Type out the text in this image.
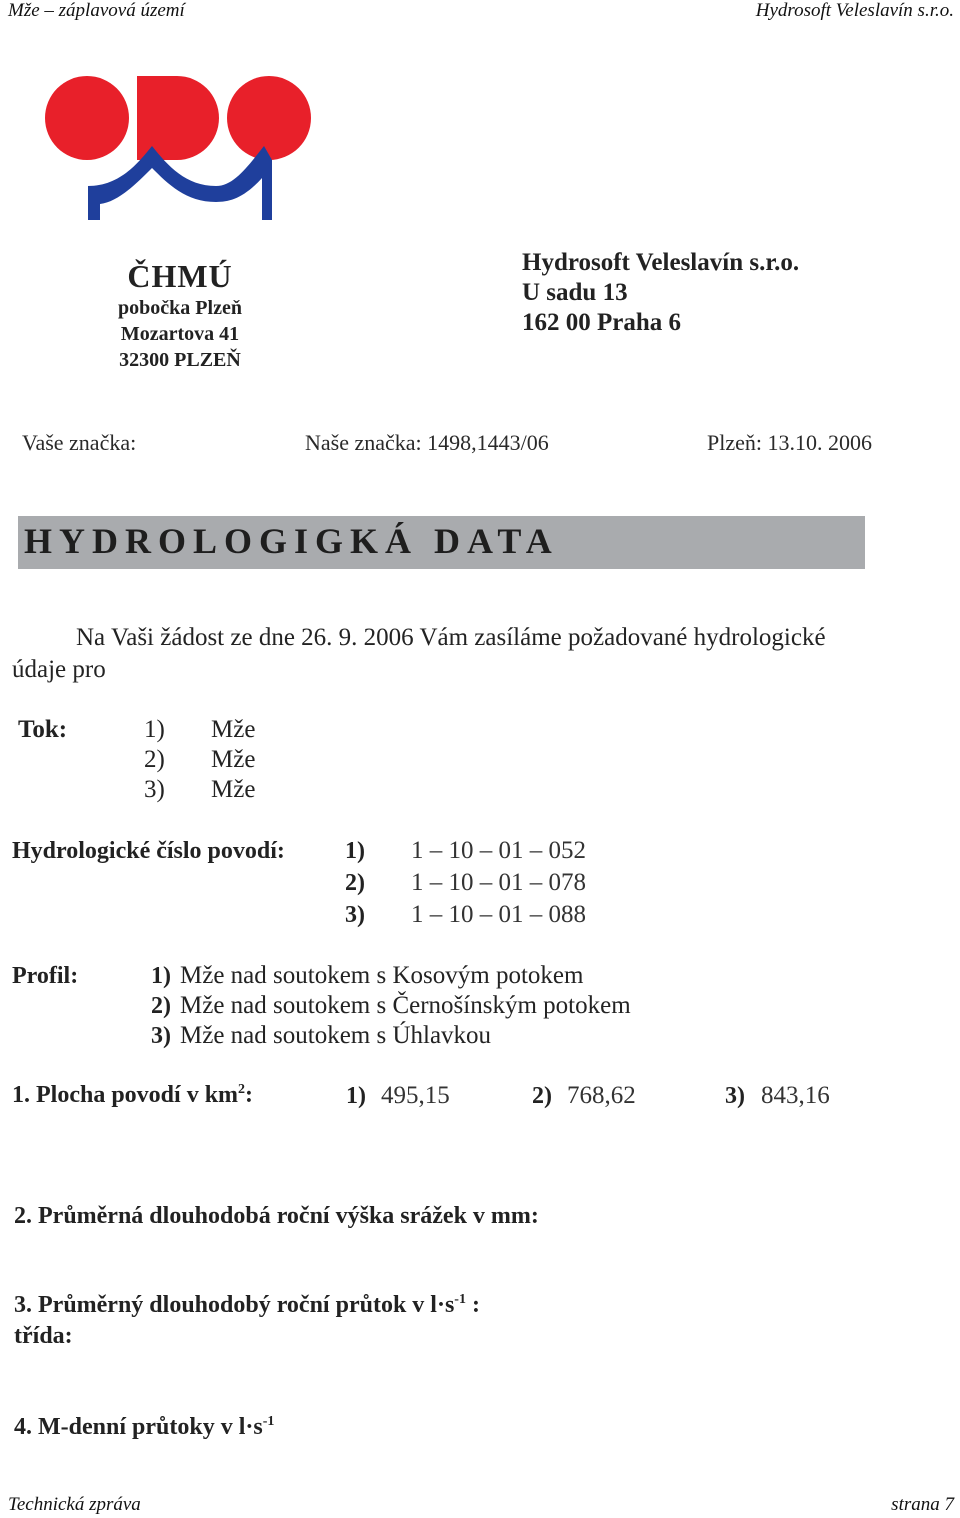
Mže – záplavová území	Hydrosoft Veleslavín s.r.o.
ČHMÚ
pobočka Plzeň
Mozartova 41
32300 PLZEŇ
Hydrosoft Veleslavín s.r.o.
U sadu 13
162 00 Praha 6
Vaše značka:	Naše značka: 1498,1443/06	Plzeň: 13.10. 2006
HYDROLOGIGKÁ DATA
Na Vaši žádost ze dne 26. 9. 2006 Vám zasíláme požadované hydrologické
údaje pro
Tok:	1) Mže
2) Mže
3) Mže
Hydrologické číslo povodí:	1) 1 – 10 – 01 – 052
2) 1 – 10 – 01 – 078
3) 1 – 10 – 01 – 088
Profil:	1) Mže nad soutokem s Kosovým potokem
2) Mže nad soutokem s Černošínským potokem
3) Mže nad soutokem s Úhlavkou
1. Plocha povodí v $km^2$:	1) 495,15	2) 768,62	3) 843,16
2. Průměrná dlouhodobá roční výška srážek v mm:
3. Průměrný dlouhodobý roční průtok v $l\cdot s^{-1}$ :
třída:
4. M-denní průtoky v $l\cdot s^{-1}$
Technická zpráva	strana 7
